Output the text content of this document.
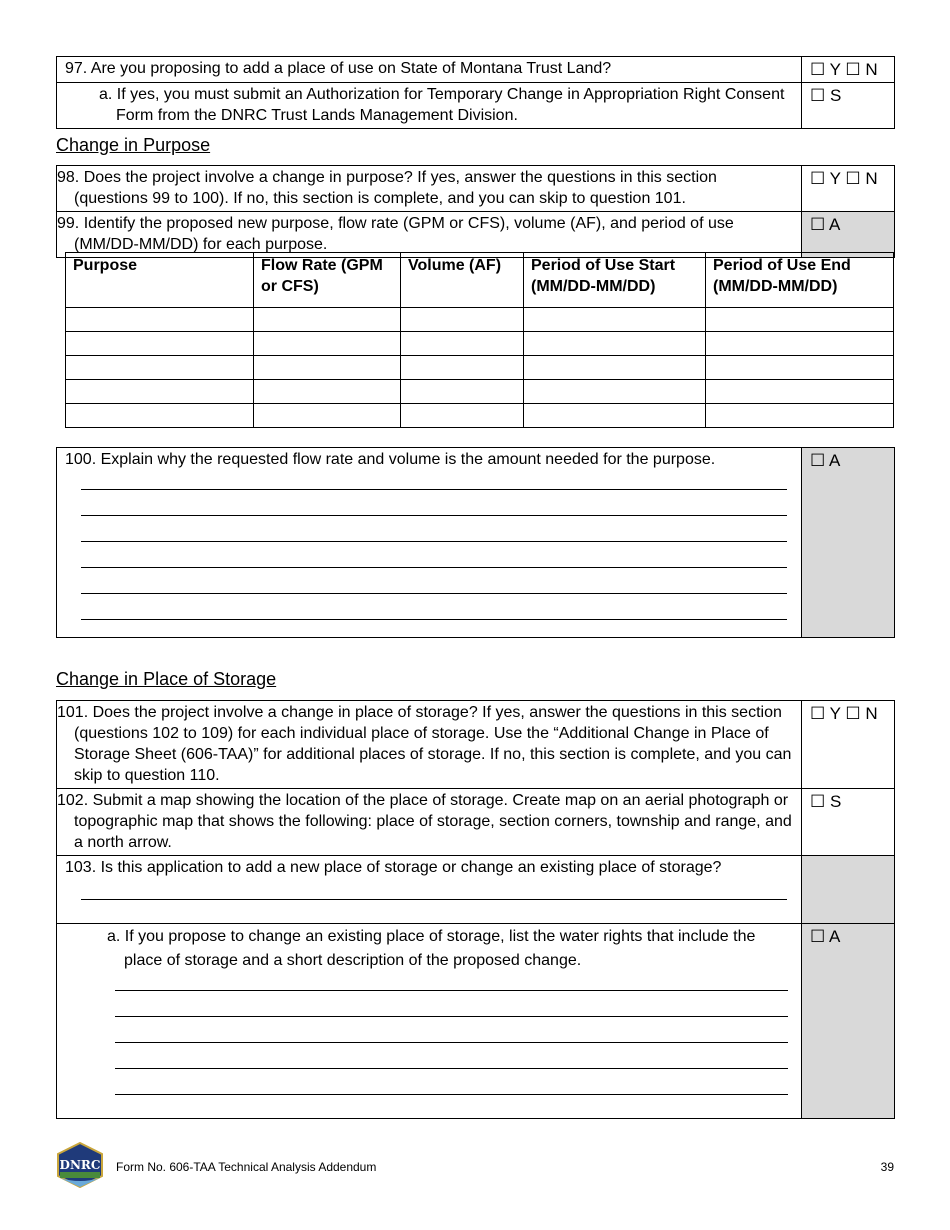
97. Are you proposing to add a place of use on State of Montana Trust Land?	☐ Y ☐ N
a. If yes, you must submit an Authorization for Temporary Change in Appropriation Right Consent Form from the DNRC Trust Lands Management Division.	☐ S
Change in Purpose
98. Does the project involve a change in purpose? If yes, answer the questions in this section (questions 99 to 100). If no, this section is complete, and you can skip to question 101.	☐ Y ☐ N
99. Identify the proposed new purpose, flow rate (GPM or CFS), volume (AF), and period of use (MM/DD-MM/DD) for each purpose.	☐ A
Purpose	Flow Rate (GPM or CFS)	Volume (AF)	Period of Use Start (MM/DD-MM/DD)	Period of Use End (MM/DD-MM/DD)

100. Explain why the requested flow rate and volume is the amount needed for the purpose.	☐ A
Change in Place of Storage
101. Does the project involve a change in place of storage? If yes, answer the questions in this section (questions 102 to 109) for each individual place of storage. Use the “Additional Change in Place of Storage Sheet (606-TAA)” for additional places of storage. If no, this section is complete, and you can skip to question 110.	☐ Y ☐ N
102. Submit a map showing the location of the place of storage. Create map on an aerial photograph or topographic map that shows the following: place of storage, section corners, township and range, and a north arrow.	☐ S

103. Is this application to add a new place of storage or change an existing place of storage?	

a. If you propose to change an existing place of storage, list the water rights that include the place of storage and a short description of the proposed change.	☐ A
DNRC Form No. 606-TAA Technical Analysis Addendum	39
